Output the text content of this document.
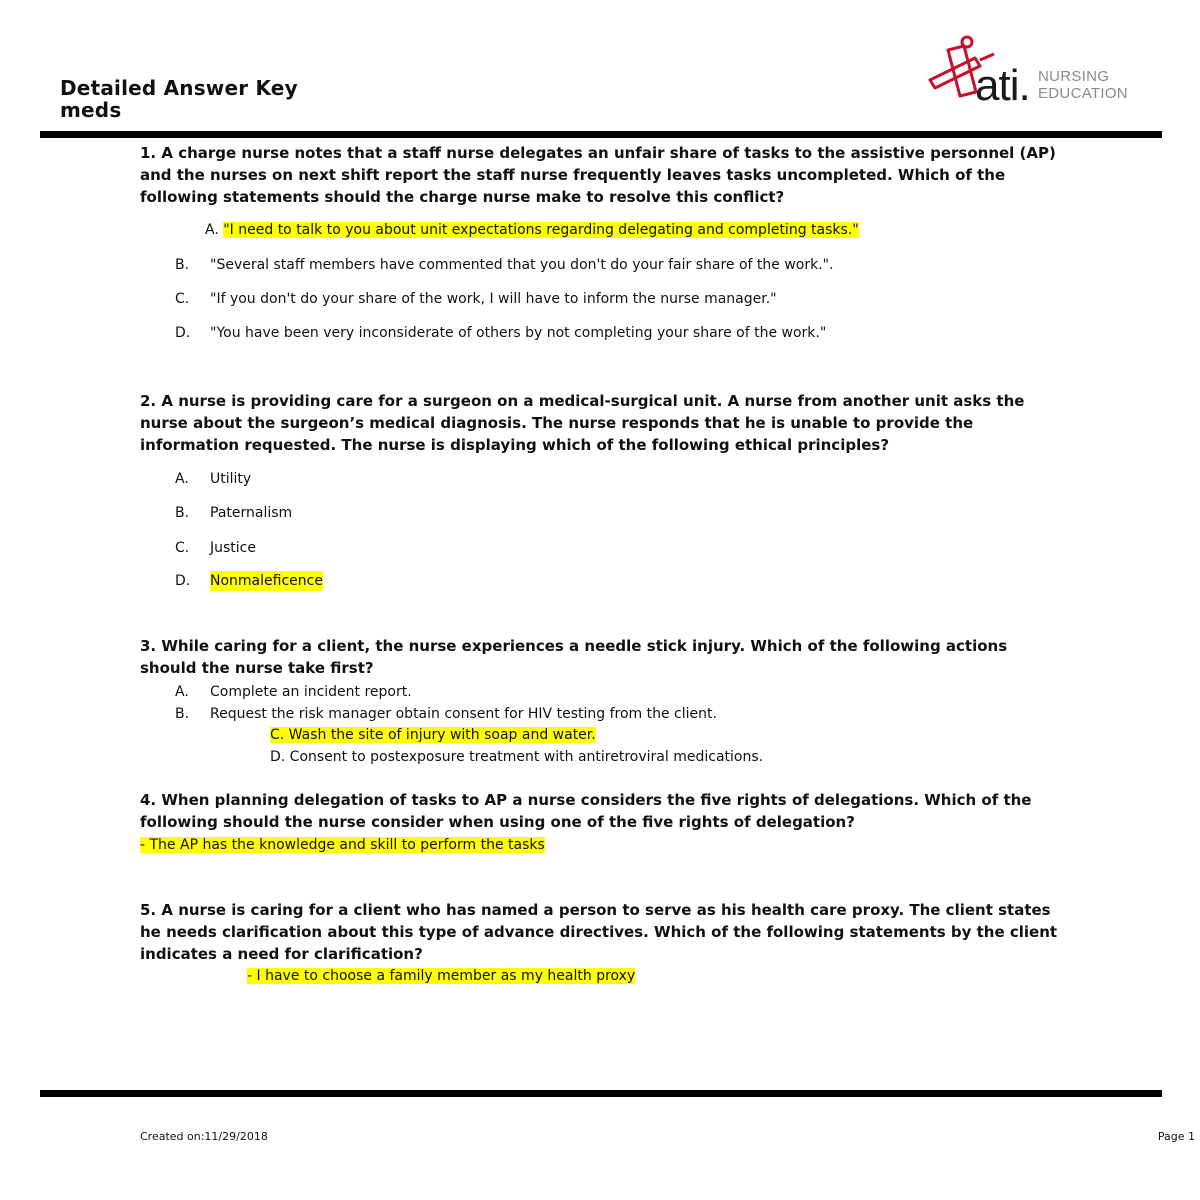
Detailed Answer Key
meds	ati. NURSING
EDUCATION
1. A charge nurse notes that a staff nurse delegates an unfair share of tasks to the assistive personnel (AP) and the nurses on next shift report the staff nurse frequently leaves tasks uncompleted. Which of the following statements should the charge nurse make to resolve this conflict?
A. "I need to talk to you about unit expectations regarding delegating and completing tasks."
B.	"Several staff members have commented that you don't do your fair share of the work.".
C.	"If you don't do your share of the work, I will have to inform the nurse manager."
D.	"You have been very inconsiderate of others by not completing your share of the work."
2. A nurse is providing care for a surgeon on a medical-surgical unit. A nurse from another unit asks the nurse about the surgeon’s medical diagnosis. The nurse responds that he is unable to provide the information requested. The nurse is displaying which of the following ethical principles?
A.	Utility
B.	Paternalism
C.	Justice
D.	Nonmaleficence
3. While caring for a client, the nurse experiences a needle stick injury. Which of the following actions should the nurse take first?
A.	Complete an incident report.
B.	Request the risk manager obtain consent for HIV testing from the client.
C. Wash the site of injury with soap and water.
D. Consent to postexposure treatment with antiretroviral medications.
4. When planning delegation of tasks to AP a nurse considers the five rights of delegations. Which of the following should the nurse consider when using one of the five rights of delegation?
- The AP has the knowledge and skill to perform the tasks
5. A nurse is caring for a client who has named a person to serve as his health care proxy. The client states he needs clarification about this type of advance directives. Which of the following statements by the client indicates a need for clarification?
- I have to choose a family member as my health proxy
Created on:11/29/2018	Page 1
